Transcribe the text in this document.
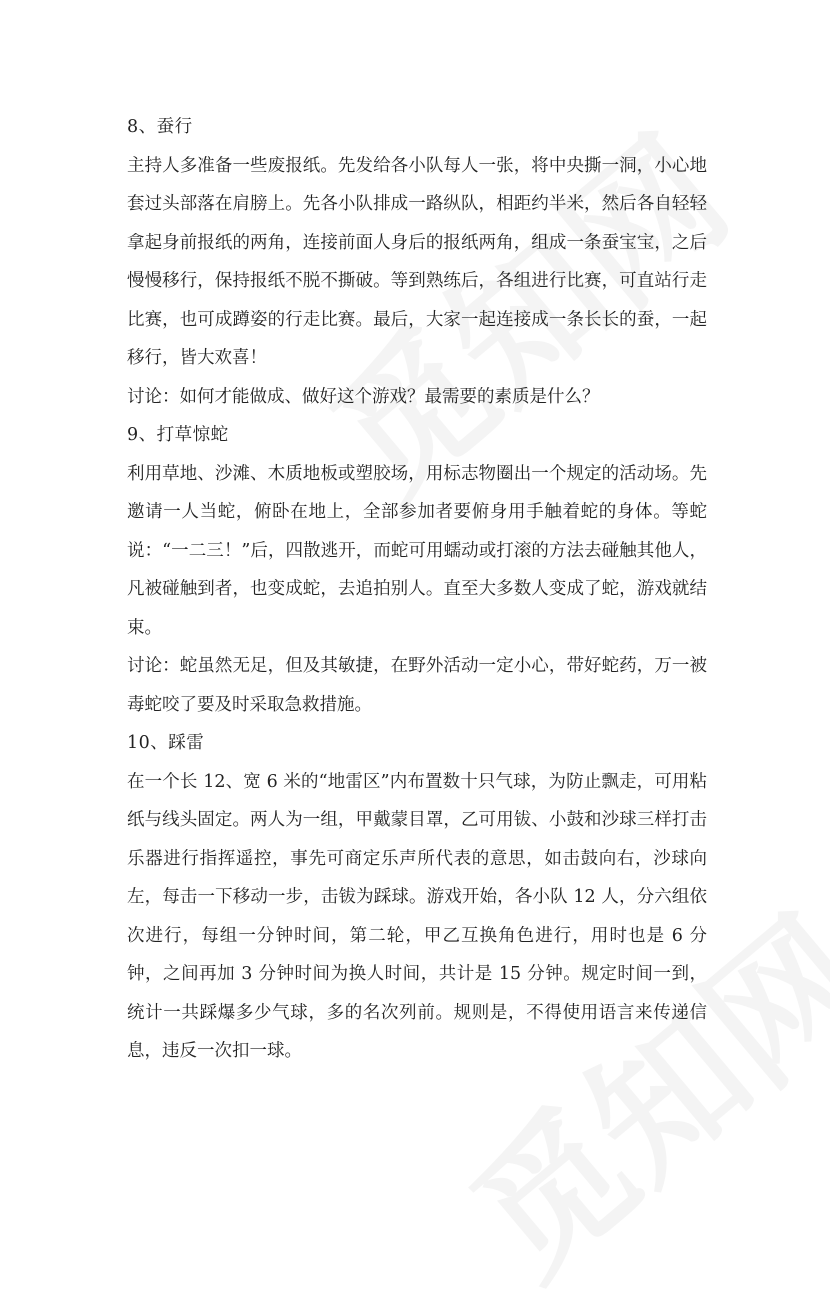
8、蚕行

主持人多准备一些废报纸。先发给各小队每人一张，将中央撕一洞，小心地套过头部落在肩膀上。先各小队排成一路纵队，相距约半米，然后各自轻轻拿起身前报纸的两角，连接前面人身后的报纸两角，组成一条蚕宝宝，之后慢慢移行，保持报纸不脱不撕破。等到熟练后，各组进行比赛，可直站行走比赛，也可成蹲姿的行走比赛。最后，大家一起连接成一条长长的蚕，一起移行，皆大欢喜！

讨论：如何才能做成、做好这个游戏？最需要的素质是什么？

9、打草惊蛇

利用草地、沙滩、木质地板或塑胶场，用标志物圈出一个规定的活动场。先邀请一人当蛇，俯卧在地上，全部参加者要俯身用手触着蛇的身体。等蛇说：“一二三！”后，四散逃开，而蛇可用蠕动或打滚的方法去碰触其他人，凡被碰触到者，也变成蛇，去追拍别人。直至大多数人变成了蛇，游戏就结束。

讨论：蛇虽然无足，但及其敏捷，在野外活动一定小心，带好蛇药，万一被毒蛇咬了要及时采取急救措施。

10、踩雷

在一个长 12、宽 6 米的“地雷区”内布置数十只气球，为防止飘走，可用粘纸与线头固定。两人为一组，甲戴蒙目罩，乙可用钹、小鼓和沙球三样打击乐器进行指挥遥控，事先可商定乐声所代表的意思，如击鼓向右，沙球向左，每击一下移动一步，击钹为踩球。游戏开始，各小队 12 人，分六组依次进行，每组一分钟时间，第二轮，甲乙互换角色进行，用时也是 6 分钟，之间再加 3 分钟时间为换人时间，共计是 15 分钟。规定时间一到，统计一共踩爆多少气球，多的名次列前。规则是，不得使用语言来传递信息，违反一次扣一球。
